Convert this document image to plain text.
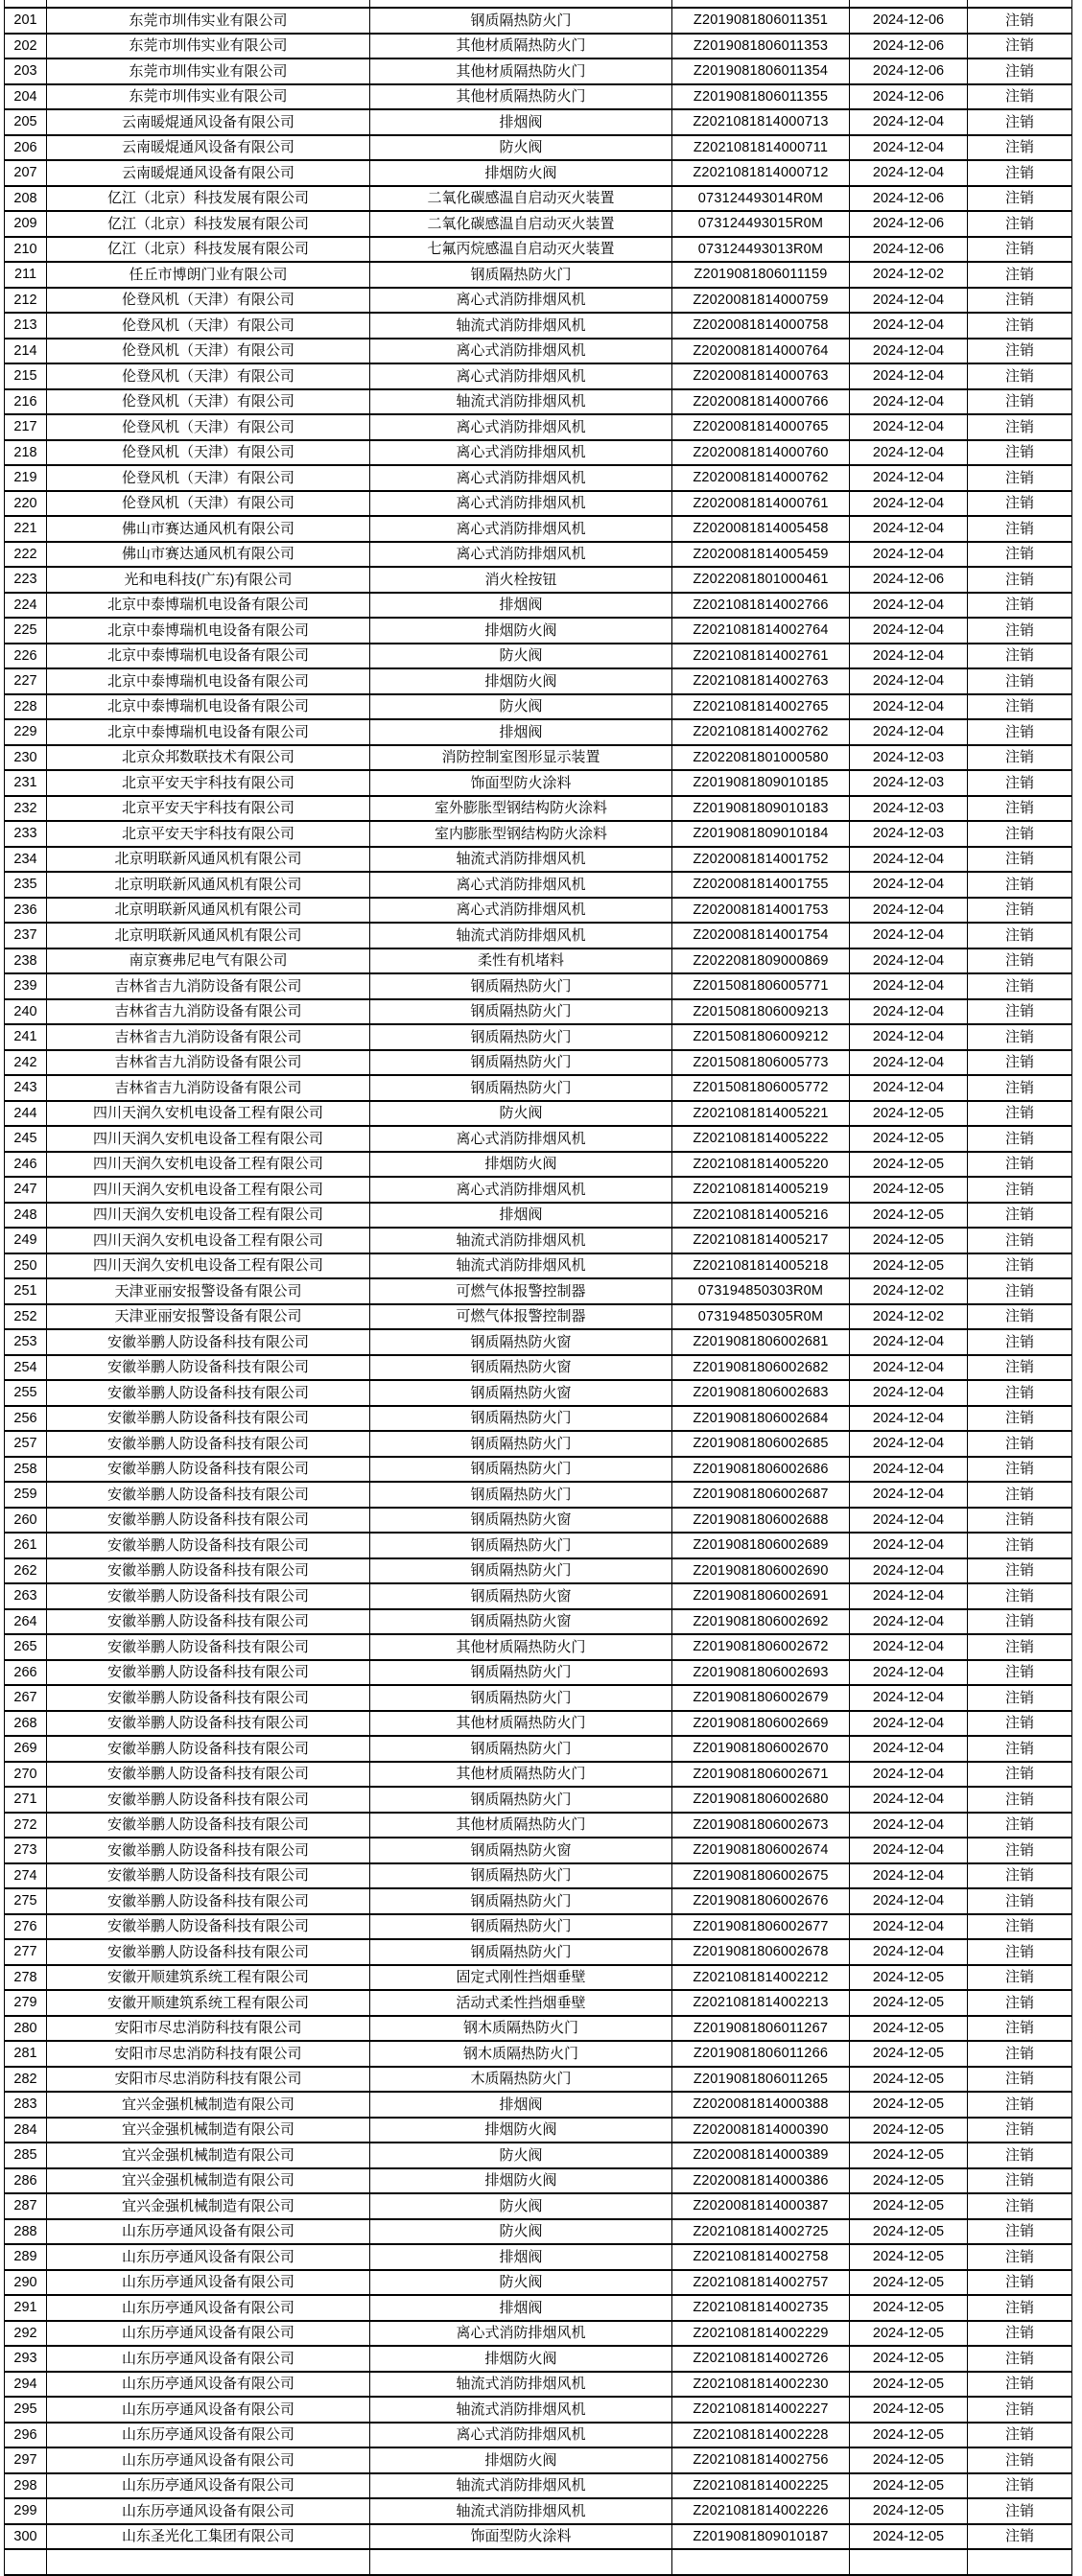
201	东莞市圳伟实业有限公司	钢质隔热防火门	Z2019081806011351	2024-12-06	注销
202	东莞市圳伟实业有限公司	其他材质隔热防火门	Z2019081806011353	2024-12-06	注销
203	东莞市圳伟实业有限公司	其他材质隔热防火门	Z2019081806011354	2024-12-06	注销
204	东莞市圳伟实业有限公司	其他材质隔热防火门	Z2019081806011355	2024-12-06	注销
205	云南暖焜通风设备有限公司	排烟阀	Z2021081814000713	2024-12-04	注销
206	云南暖焜通风设备有限公司	防火阀	Z2021081814000711	2024-12-04	注销
207	云南暖焜通风设备有限公司	排烟防火阀	Z2021081814000712	2024-12-04	注销
208	亿江（北京）科技发展有限公司	二氧化碳感温自启动灭火装置	073124493014R0M	2024-12-06	注销
209	亿江（北京）科技发展有限公司	二氧化碳感温自启动灭火装置	073124493015R0M	2024-12-06	注销
210	亿江（北京）科技发展有限公司	七氟丙烷感温自启动灭火装置	073124493013R0M	2024-12-06	注销
211	任丘市博朗门业有限公司	钢质隔热防火门	Z2019081806011159	2024-12-02	注销
212	伦登风机（天津）有限公司	离心式消防排烟风机	Z2020081814000759	2024-12-04	注销
213	伦登风机（天津）有限公司	轴流式消防排烟风机	Z2020081814000758	2024-12-04	注销
214	伦登风机（天津）有限公司	离心式消防排烟风机	Z2020081814000764	2024-12-04	注销
215	伦登风机（天津）有限公司	离心式消防排烟风机	Z2020081814000763	2024-12-04	注销
216	伦登风机（天津）有限公司	轴流式消防排烟风机	Z2020081814000766	2024-12-04	注销
217	伦登风机（天津）有限公司	离心式消防排烟风机	Z2020081814000765	2024-12-04	注销
218	伦登风机（天津）有限公司	离心式消防排烟风机	Z2020081814000760	2024-12-04	注销
219	伦登风机（天津）有限公司	离心式消防排烟风机	Z2020081814000762	2024-12-04	注销
220	伦登风机（天津）有限公司	离心式消防排烟风机	Z2020081814000761	2024-12-04	注销
221	佛山市赛达通风机有限公司	离心式消防排烟风机	Z2020081814005458	2024-12-04	注销
222	佛山市赛达通风机有限公司	离心式消防排烟风机	Z2020081814005459	2024-12-04	注销
223	光和电科技(广东)有限公司	消火栓按钮	Z2022081801000461	2024-12-06	注销
224	北京中泰博瑞机电设备有限公司	排烟阀	Z2021081814002766	2024-12-04	注销
225	北京中泰博瑞机电设备有限公司	排烟防火阀	Z2021081814002764	2024-12-04	注销
226	北京中泰博瑞机电设备有限公司	防火阀	Z2021081814002761	2024-12-04	注销
227	北京中泰博瑞机电设备有限公司	排烟防火阀	Z2021081814002763	2024-12-04	注销
228	北京中泰博瑞机电设备有限公司	防火阀	Z2021081814002765	2024-12-04	注销
229	北京中泰博瑞机电设备有限公司	排烟阀	Z2021081814002762	2024-12-04	注销
230	北京众邦数联技术有限公司	消防控制室图形显示装置	Z2022081801000580	2024-12-03	注销
231	北京平安天宇科技有限公司	饰面型防火涂料	Z2019081809010185	2024-12-03	注销
232	北京平安天宇科技有限公司	室外膨胀型钢结构防火涂料	Z2019081809010183	2024-12-03	注销
233	北京平安天宇科技有限公司	室内膨胀型钢结构防火涂料	Z2019081809010184	2024-12-03	注销
234	北京明联新风通风机有限公司	轴流式消防排烟风机	Z2020081814001752	2024-12-04	注销
235	北京明联新风通风机有限公司	离心式消防排烟风机	Z2020081814001755	2024-12-04	注销
236	北京明联新风通风机有限公司	离心式消防排烟风机	Z2020081814001753	2024-12-04	注销
237	北京明联新风通风机有限公司	轴流式消防排烟风机	Z2020081814001754	2024-12-04	注销
238	南京赛弗尼电气有限公司	柔性有机堵料	Z2022081809000869	2024-12-04	注销
239	吉林省吉九消防设备有限公司	钢质隔热防火门	Z2015081806005771	2024-12-04	注销
240	吉林省吉九消防设备有限公司	钢质隔热防火门	Z2015081806009213	2024-12-04	注销
241	吉林省吉九消防设备有限公司	钢质隔热防火门	Z2015081806009212	2024-12-04	注销
242	吉林省吉九消防设备有限公司	钢质隔热防火门	Z2015081806005773	2024-12-04	注销
243	吉林省吉九消防设备有限公司	钢质隔热防火门	Z2015081806005772	2024-12-04	注销
244	四川天润久安机电设备工程有限公司	防火阀	Z2021081814005221	2024-12-05	注销
245	四川天润久安机电设备工程有限公司	离心式消防排烟风机	Z2021081814005222	2024-12-05	注销
246	四川天润久安机电设备工程有限公司	排烟防火阀	Z2021081814005220	2024-12-05	注销
247	四川天润久安机电设备工程有限公司	离心式消防排烟风机	Z2021081814005219	2024-12-05	注销
248	四川天润久安机电设备工程有限公司	排烟阀	Z2021081814005216	2024-12-05	注销
249	四川天润久安机电设备工程有限公司	轴流式消防排烟风机	Z2021081814005217	2024-12-05	注销
250	四川天润久安机电设备工程有限公司	轴流式消防排烟风机	Z2021081814005218	2024-12-05	注销
251	天津亚丽安报警设备有限公司	可燃气体报警控制器	073194850303R0M	2024-12-02	注销
252	天津亚丽安报警设备有限公司	可燃气体报警控制器	073194850305R0M	2024-12-02	注销
253	安徽举鹏人防设备科技有限公司	钢质隔热防火窗	Z2019081806002681	2024-12-04	注销
254	安徽举鹏人防设备科技有限公司	钢质隔热防火窗	Z2019081806002682	2024-12-04	注销
255	安徽举鹏人防设备科技有限公司	钢质隔热防火窗	Z2019081806002683	2024-12-04	注销
256	安徽举鹏人防设备科技有限公司	钢质隔热防火门	Z2019081806002684	2024-12-04	注销
257	安徽举鹏人防设备科技有限公司	钢质隔热防火门	Z2019081806002685	2024-12-04	注销
258	安徽举鹏人防设备科技有限公司	钢质隔热防火门	Z2019081806002686	2024-12-04	注销
259	安徽举鹏人防设备科技有限公司	钢质隔热防火门	Z2019081806002687	2024-12-04	注销
260	安徽举鹏人防设备科技有限公司	钢质隔热防火窗	Z2019081806002688	2024-12-04	注销
261	安徽举鹏人防设备科技有限公司	钢质隔热防火门	Z2019081806002689	2024-12-04	注销
262	安徽举鹏人防设备科技有限公司	钢质隔热防火门	Z2019081806002690	2024-12-04	注销
263	安徽举鹏人防设备科技有限公司	钢质隔热防火窗	Z2019081806002691	2024-12-04	注销
264	安徽举鹏人防设备科技有限公司	钢质隔热防火窗	Z2019081806002692	2024-12-04	注销
265	安徽举鹏人防设备科技有限公司	其他材质隔热防火门	Z2019081806002672	2024-12-04	注销
266	安徽举鹏人防设备科技有限公司	钢质隔热防火门	Z2019081806002693	2024-12-04	注销
267	安徽举鹏人防设备科技有限公司	钢质隔热防火门	Z2019081806002679	2024-12-04	注销
268	安徽举鹏人防设备科技有限公司	其他材质隔热防火门	Z2019081806002669	2024-12-04	注销
269	安徽举鹏人防设备科技有限公司	钢质隔热防火门	Z2019081806002670	2024-12-04	注销
270	安徽举鹏人防设备科技有限公司	其他材质隔热防火门	Z2019081806002671	2024-12-04	注销
271	安徽举鹏人防设备科技有限公司	钢质隔热防火门	Z2019081806002680	2024-12-04	注销
272	安徽举鹏人防设备科技有限公司	其他材质隔热防火门	Z2019081806002673	2024-12-04	注销
273	安徽举鹏人防设备科技有限公司	钢质隔热防火窗	Z2019081806002674	2024-12-04	注销
274	安徽举鹏人防设备科技有限公司	钢质隔热防火门	Z2019081806002675	2024-12-04	注销
275	安徽举鹏人防设备科技有限公司	钢质隔热防火门	Z2019081806002676	2024-12-04	注销
276	安徽举鹏人防设备科技有限公司	钢质隔热防火门	Z2019081806002677	2024-12-04	注销
277	安徽举鹏人防设备科技有限公司	钢质隔热防火门	Z2019081806002678	2024-12-04	注销
278	安徽开顺建筑系统工程有限公司	固定式刚性挡烟垂壁	Z2021081814002212	2024-12-05	注销
279	安徽开顺建筑系统工程有限公司	活动式柔性挡烟垂壁	Z2021081814002213	2024-12-05	注销
280	安阳市尽忠消防科技有限公司	钢木质隔热防火门	Z2019081806011267	2024-12-05	注销
281	安阳市尽忠消防科技有限公司	钢木质隔热防火门	Z2019081806011266	2024-12-05	注销
282	安阳市尽忠消防科技有限公司	木质隔热防火门	Z2019081806011265	2024-12-05	注销
283	宜兴金强机械制造有限公司	排烟阀	Z2020081814000388	2024-12-05	注销
284	宜兴金强机械制造有限公司	排烟防火阀	Z2020081814000390	2024-12-05	注销
285	宜兴金强机械制造有限公司	防火阀	Z2020081814000389	2024-12-05	注销
286	宜兴金强机械制造有限公司	排烟防火阀	Z2020081814000386	2024-12-05	注销
287	宜兴金强机械制造有限公司	防火阀	Z2020081814000387	2024-12-05	注销
288	山东历亭通风设备有限公司	防火阀	Z2021081814002725	2024-12-05	注销
289	山东历亭通风设备有限公司	排烟阀	Z2021081814002758	2024-12-05	注销
290	山东历亭通风设备有限公司	防火阀	Z2021081814002757	2024-12-05	注销
291	山东历亭通风设备有限公司	排烟阀	Z2021081814002735	2024-12-05	注销
292	山东历亭通风设备有限公司	离心式消防排烟风机	Z2021081814002229	2024-12-05	注销
293	山东历亭通风设备有限公司	排烟防火阀	Z2021081814002726	2024-12-05	注销
294	山东历亭通风设备有限公司	轴流式消防排烟风机	Z2021081814002230	2024-12-05	注销
295	山东历亭通风设备有限公司	轴流式消防排烟风机	Z2021081814002227	2024-12-05	注销
296	山东历亭通风设备有限公司	离心式消防排烟风机	Z2021081814002228	2024-12-05	注销
297	山东历亭通风设备有限公司	排烟防火阀	Z2021081814002756	2024-12-05	注销
298	山东历亭通风设备有限公司	轴流式消防排烟风机	Z2021081814002225	2024-12-05	注销
299	山东历亭通风设备有限公司	轴流式消防排烟风机	Z2021081814002226	2024-12-05	注销
300	山东圣光化工集团有限公司	饰面型防火涂料	Z2019081809010187	2024-12-05	注销
